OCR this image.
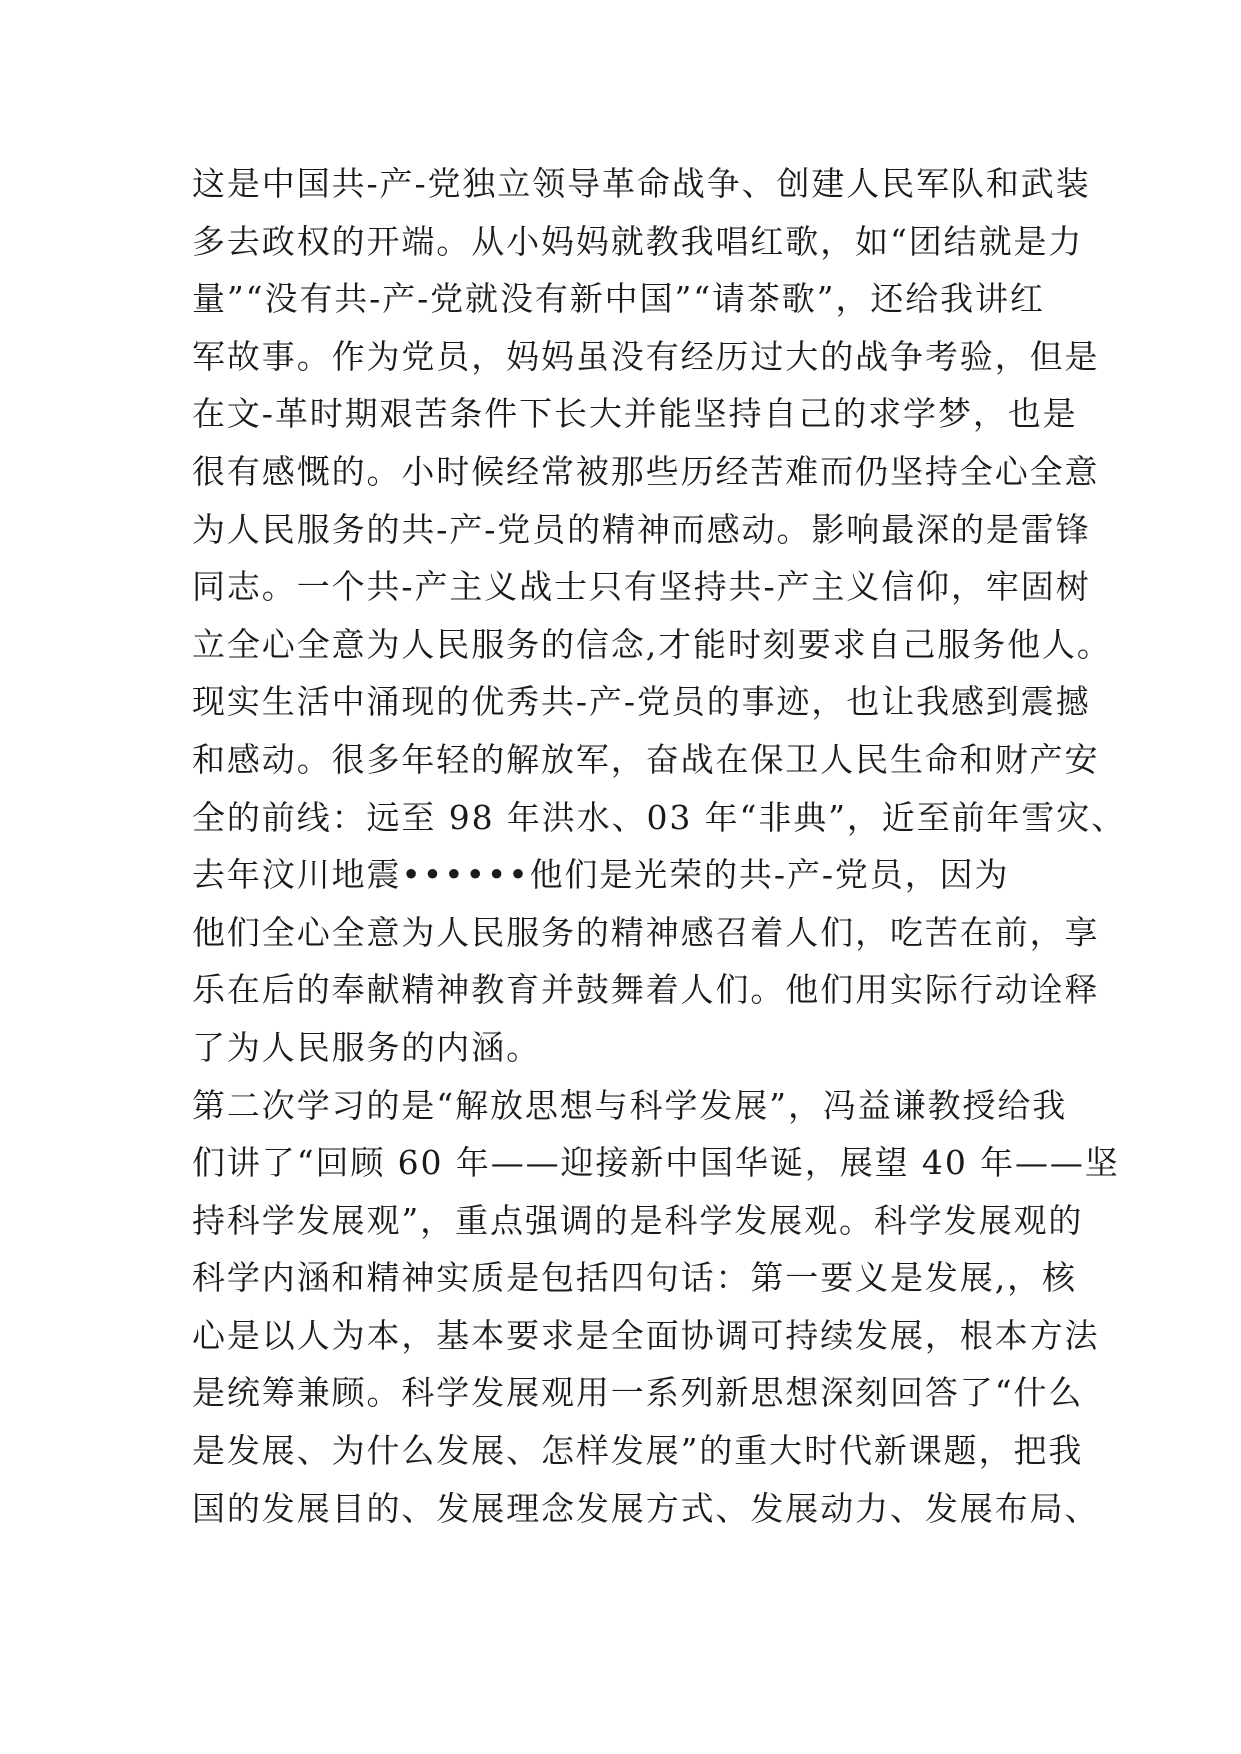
这是中国共-产-党独立领导革命战争、创建人民军队和武装
多去政权的开端。从小妈妈就教我唱红歌，如“团结就是力
量”“没有共-产-党就没有新中国”“请茶歌”，还给我讲红
军故事。作为党员，妈妈虽没有经历过大的战争考验，但是
在文-革时期艰苦条件下长大并能坚持自己的求学梦，也是
很有感慨的。小时候经常被那些历经苦难而仍坚持全心全意
为人民服务的共-产-党员的精神而感动。影响最深的是雷锋
同志。一个共-产主义战士只有坚持共-产主义信仰，牢固树
立全心全意为人民服务的信念,才能时刻要求自己服务他人。
现实生活中涌现的优秀共-产-党员的事迹，也让我感到震撼
和感动。很多年轻的解放军，奋战在保卫人民生命和财产安
全的前线：远至 98 年洪水、03 年“非典”，近至前年雪灾、
去年汶川地震••••••他们是光荣的共-产-党员，因为
他们全心全意为人民服务的精神感召着人们，吃苦在前，享
乐在后的奉献精神教育并鼓舞着人们。他们用实际行动诠释
了为人民服务的内涵。
第二次学习的是“解放思想与科学发展”，冯益谦教授给我
们讲了“回顾 60 年——迎接新中国华诞，展望 40 年——坚
持科学发展观”，重点强调的是科学发展观。科学发展观的
科学内涵和精神实质是包括四句话：第一要义是发展,，核
心是以人为本，基本要求是全面协调可持续发展，根本方法
是统筹兼顾。科学发展观用一系列新思想深刻回答了“什么
是发展、为什么发展、怎样发展”的重大时代新课题，把我
国的发展目的、发展理念发展方式、发展动力、发展布局、
